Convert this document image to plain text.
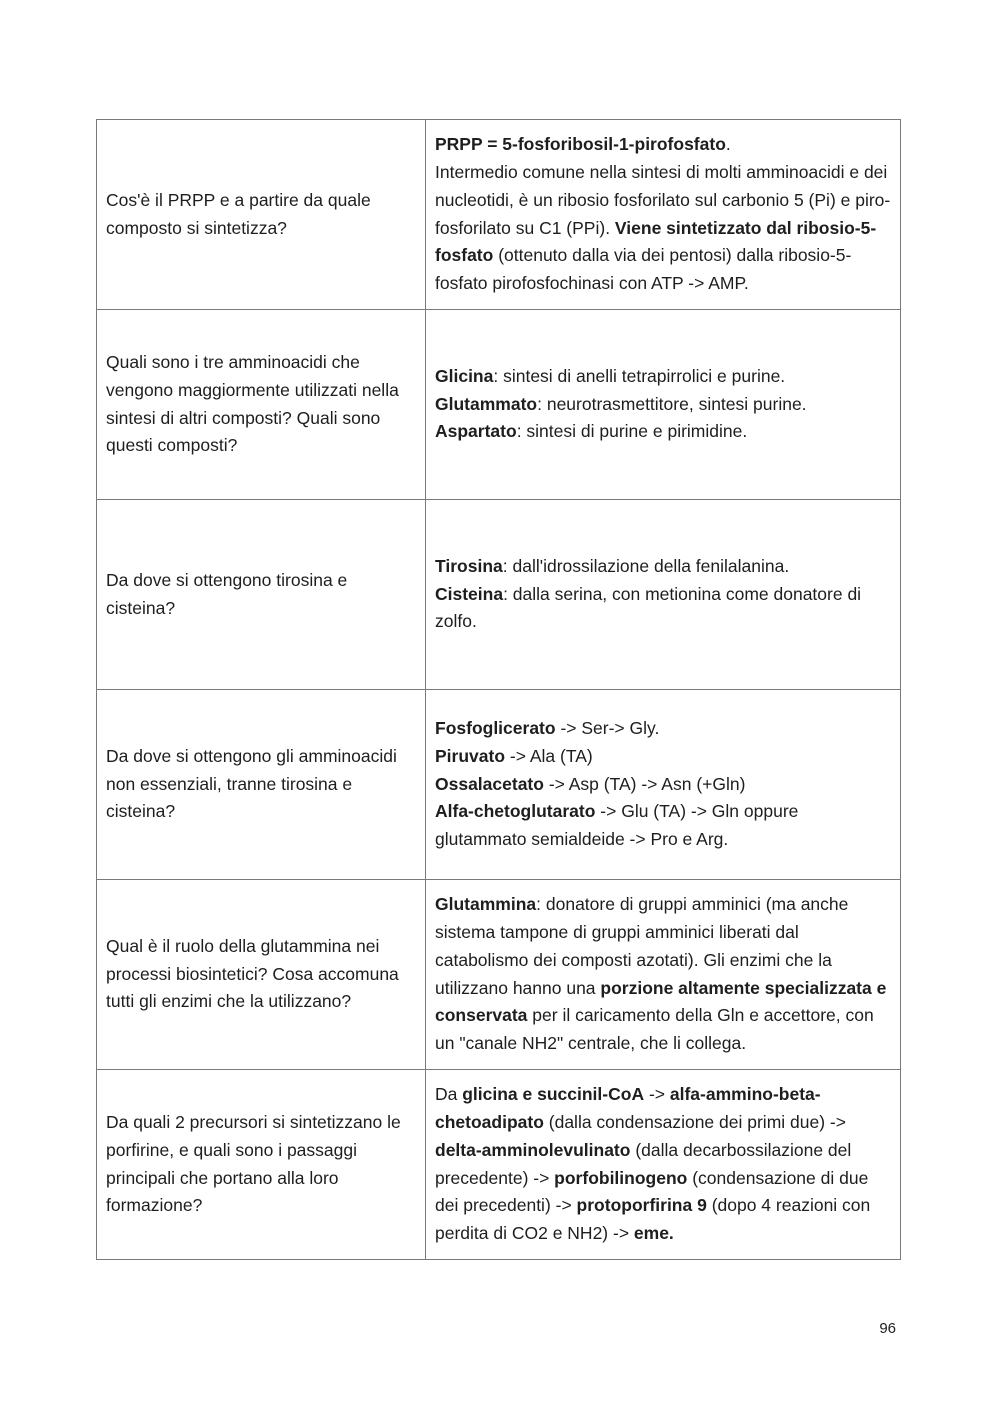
Cos'è il PRPP e a partire da quale composto si sintetizza?	PRPP = 5-fosforibosil-1-pirofosfato.
Intermedio comune nella sintesi di molti amminoacidi e dei nucleotidi, è un ribosio fosforilato sul carbonio 5 (Pi) e piro-fosforilato su C1 (PPi). Viene sintetizzato dal ribosio-5-fosfato (ottenuto dalla via dei pentosi) dalla ribosio-5-fosfato pirofosfochinasi con ATP -> AMP.

Quali sono i tre amminoacidi che vengono maggiormente utilizzati nella sintesi di altri composti? Quali sono questi composti?	Glicina: sintesi di anelli tetrapirrolici e purine.
Glutammato: neurotrasmettitore, sintesi purine.
Aspartato: sintesi di purine e pirimidine.

Da dove si ottengono tirosina e cisteina?	Tirosina: dall'idrossilazione della fenilalanina.
Cisteina: dalla serina, con metionina come donatore di zolfo.

Da dove si ottengono gli amminoacidi non essenziali, tranne tirosina e cisteina?	Fosfoglicerato -> Ser-> Gly.
Piruvato -> Ala (TA)
Ossalacetato -> Asp (TA) -> Asn (+Gln)
Alfa-chetoglutarato -> Glu (TA) -> Gln oppure glutammato semialdeide -> Pro e Arg.

Qual è il ruolo della glutammina nei processi biosintetici? Cosa accomuna tutti gli enzimi che la utilizzano?	Glutammina: donatore di gruppi amminici (ma anche sistema tampone di gruppi amminici liberati dal catabolismo dei composti azotati). Gli enzimi che la utilizzano hanno una porzione altamente specializzata e conservata per il caricamento della Gln e accettore, con un "canale NH2" centrale, che li collega.

Da quali 2 precursori si sintetizzano le porfirine, e quali sono i passaggi principali che portano alla loro formazione?	Da glicina e succinil-CoA -> alfa-ammino-beta-chetoadipato (dalla condensazione dei primi due) -> delta-amminolevulinato (dalla decarbossilazione del precedente) -> porfobilinogeno (condensazione di due dei precedenti) -> protoporfirina 9 (dopo 4 reazioni con perdita di CO2 e NH2) -> eme.
96
